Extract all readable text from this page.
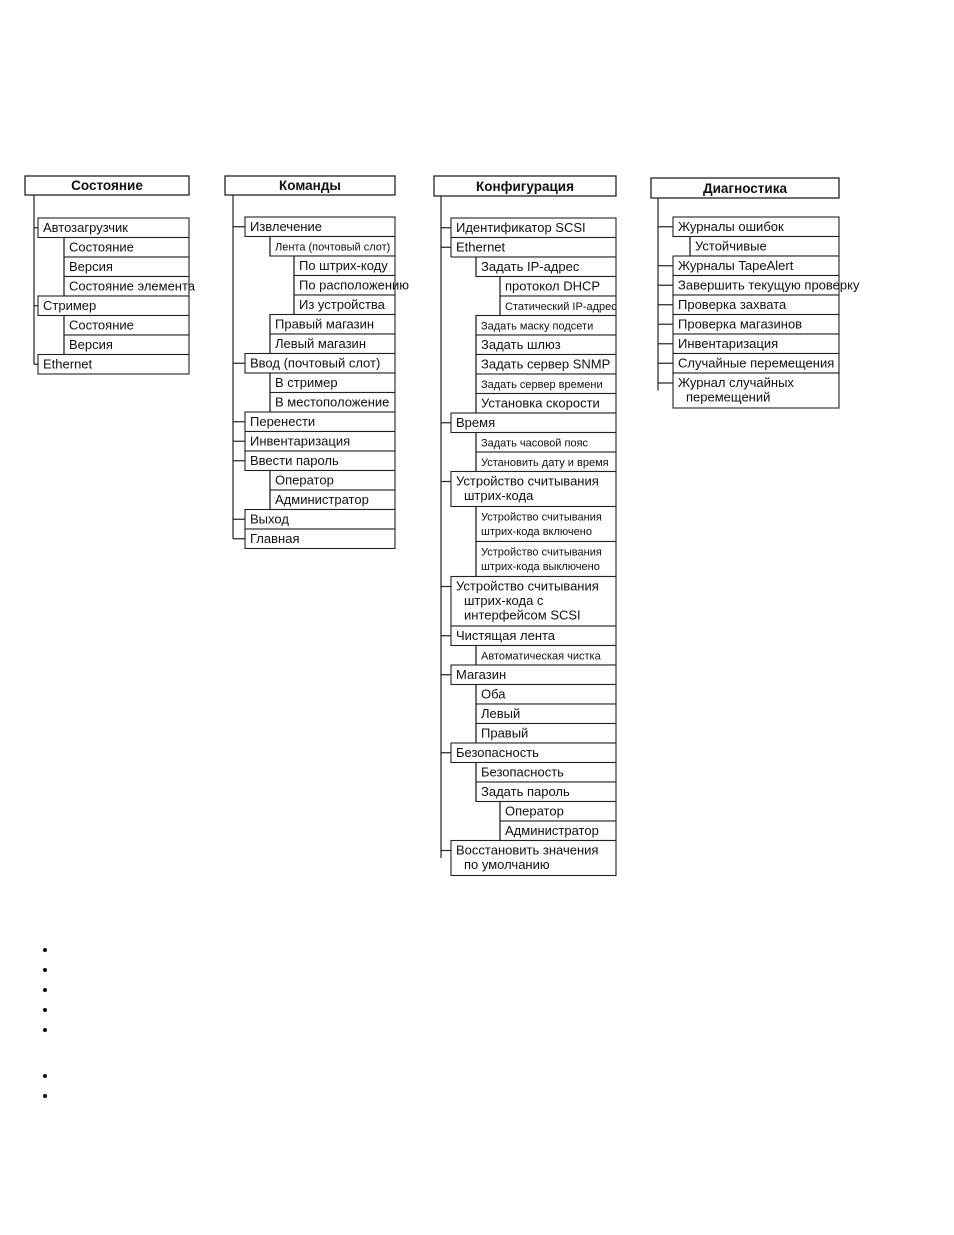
Состояние
Автозагрузчик
Состояние
Версия
Состояние элемента
Стример
Состояние
Версия
Ethernet
Команды
Извлечение
Лента (почтовый слот)
По штрих-коду
По расположению
Из устройства
Правый магазин
Левый магазин
Ввод (почтовый слот)
В стример
В местоположение
Перенести
Инвентаризация
Ввести пароль
Оператор
Администратор
Выход
Главная
Конфигурация
Идентификатор SCSI
Ethernet
Задать IP-адрес
протокол DHCP
Статический IP-адрес
Задать маску подсети
Задать шлюз
Задать сервер SNMP
Задать сервер времени
Установка скорости
Время
Задать часовой пояс
Установить дату и время
Устройство считывания
штрих-кода
Устройство считывания
штрих-кода включено
Устройство считывания
штрих-кода выключено
Устройство считывания
штрих-кода с
интерфейсом SCSI
Чистящая лента
Автоматическая чистка
Магазин
Оба
Левый
Правый
Безопасность
Безопасность
Задать пароль
Оператор
Администратор
Восстановить значения
по умолчанию
Диагностика
Журналы ошибок
Устойчивые
Журналы TapeAlert
Завершить текущую проверку
Проверка захвата
Проверка магазинов
Инвентаризация
Случайные перемещения
Журнал случайных
перемещений
